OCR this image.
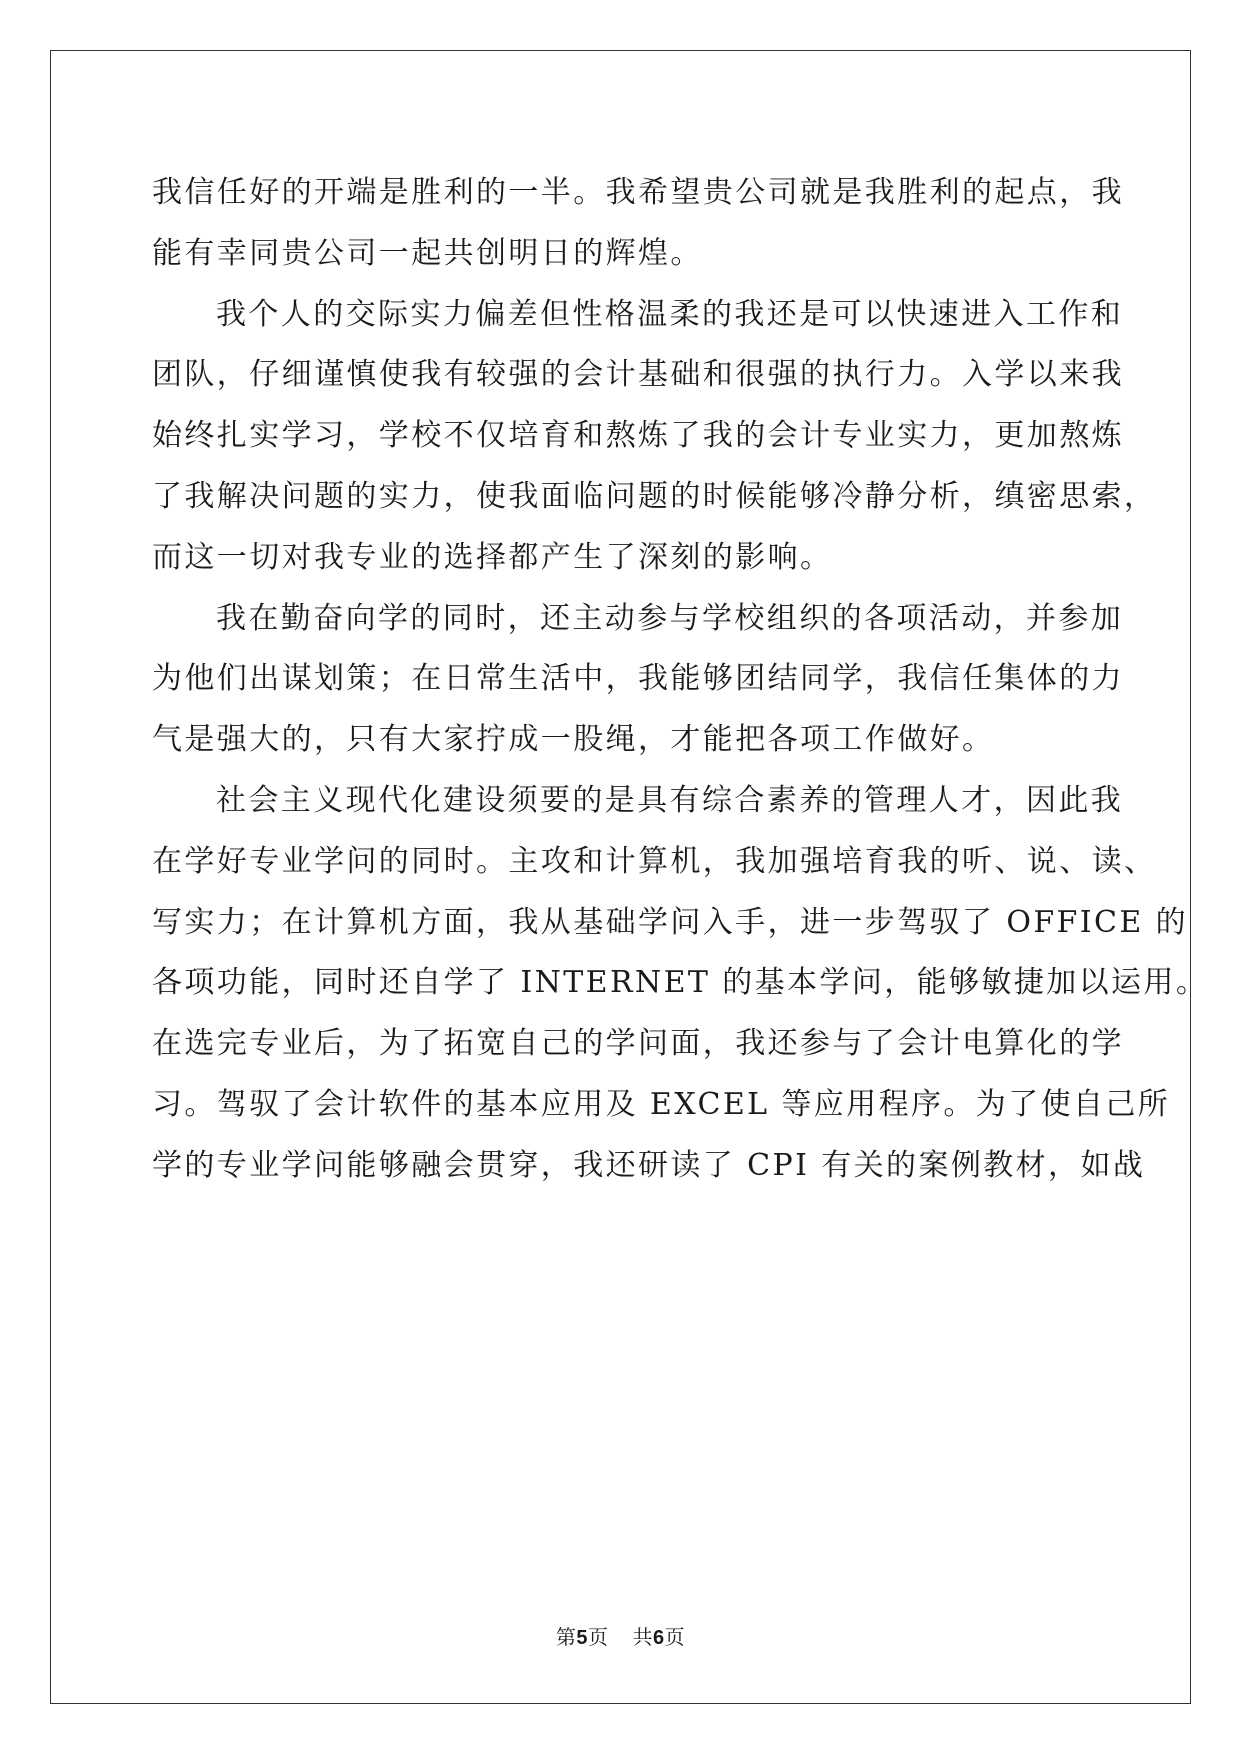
我信任好的开端是胜利的一半。我希望贵公司就是我胜利的起点，我
能有幸同贵公司一起共创明日的辉煌。
我个人的交际实力偏差但性格温柔的我还是可以快速进入工作和
团队，仔细谨慎使我有较强的会计基础和很强的执行力。入学以来我
始终扎实学习，学校不仅培育和熬炼了我的会计专业实力，更加熬炼
了我解决问题的实力，使我面临问题的时候能够冷静分析，缜密思索，
而这一切对我专业的选择都产生了深刻的影响。
我在勤奋向学的同时，还主动参与学校组织的各项活动，并参加
为他们出谋划策；在日常生活中，我能够团结同学，我信任集体的力
气是强大的，只有大家拧成一股绳，才能把各项工作做好。
社会主义现代化建设须要的是具有综合素养的管理人才，因此我
在学好专业学问的同时。主攻和计算机，我加强培育我的听、说、读、
写实力；在计算机方面，我从基础学问入手，进一步驾驭了 OFFICE 的
各项功能，同时还自学了 INTERNET 的基本学问，能够敏捷加以运用。
在选完专业后，为了拓宽自己的学问面，我还参与了会计电算化的学
习。驾驭了会计软件的基本应用及 EXCEL 等应用程序。为了使自己所
学的专业学问能够融会贯穿，我还研读了 CPI 有关的案例教材，如战
第5页 共6页
